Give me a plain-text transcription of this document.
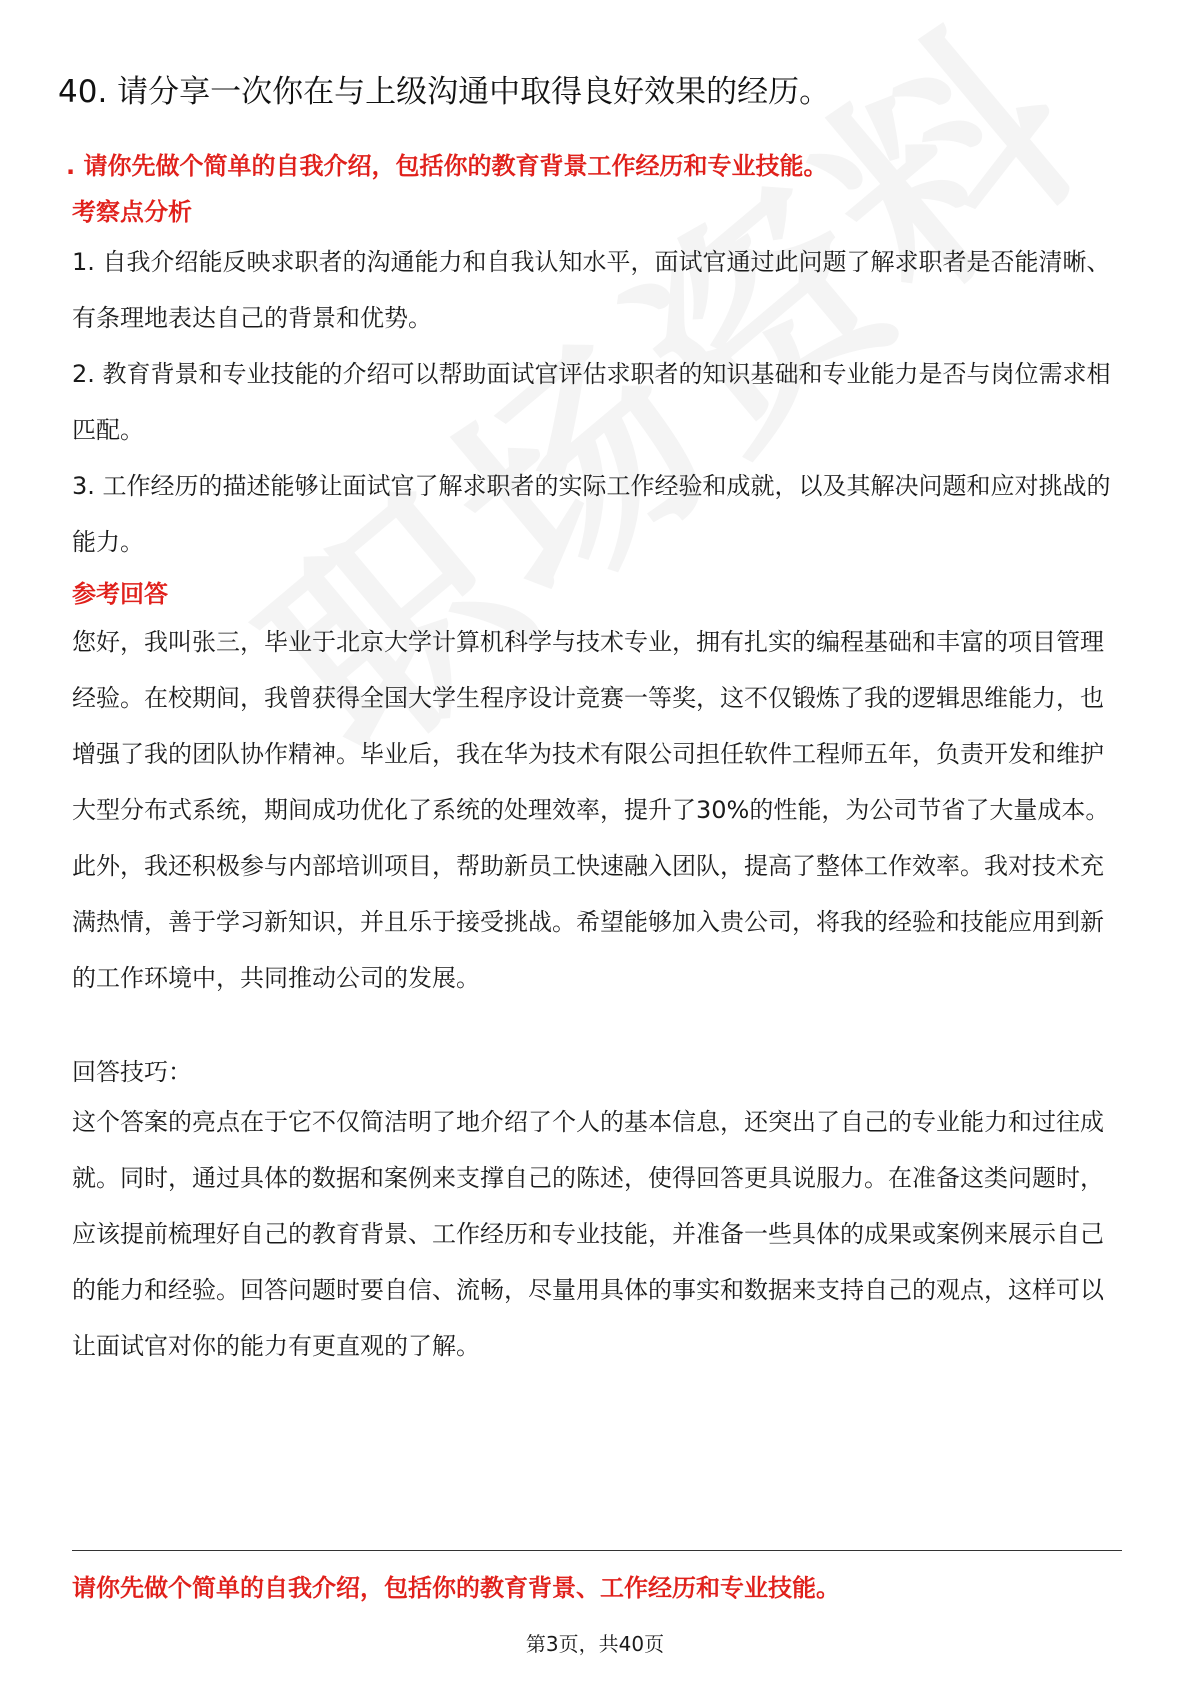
40. 请分享一次你在与上级沟通中取得良好效果的经历。
. 请你先做个简单的自我介绍，包括你的教育背景工作经历和专业技能。
考察点分析

1. 自我介绍能反映求职者的沟通能力和自我认知水平，面试官通过此问题了解求职者是否能清晰、有条理地表达自己的背景和优势。

2. 教育背景和专业技能的介绍可以帮助面试官评估求职者的知识基础和专业能力是否与岗位需求相匹配。

3. 工作经历的描述能够让面试官了解求职者的实际工作经验和成就，以及其解决问题和应对挑战的能力。

参考回答
您好，我叫张三，毕业于北京大学计算机科学与技术专业，拥有扎实的编程基础和丰富的项目管理经验。在校期间，我曾获得全国大学生程序设计竞赛一等奖，这不仅锻炼了我的逻辑思维能力，也增强了我的团队协作精神。毕业后，我在华为技术有限公司担任软件工程师五年，负责开发和维护大型分布式系统，期间成功优化了系统的处理效率，提升了30%的性能，为公司节省了大量成本。此外，我还积极参与内部培训项目，帮助新员工快速融入团队，提高了整体工作效率。我对技术充满热情，善于学习新知识，并且乐于接受挑战。希望能够加入贵公司，将我的经验和技能应用到新的工作环境中，共同推动公司的发展。
回答技巧：
这个答案的亮点在于它不仅简洁明了地介绍了个人的基本信息，还突出了自己的专业能力和过往成就。同时，通过具体的数据和案例来支撑自己的陈述，使得回答更具说服力。在准备这类问题时，应该提前梳理好自己的教育背景、工作经历和专业技能，并准备一些具体的成果或案例来展示自己的能力和经验。回答问题时要自信、流畅，尽量用具体的事实和数据来支持自己的观点，这样可以让面试官对你的能力有更直观的了解。
请你先做个简单的自我介绍，包括你的教育背景、工作经历和专业技能。
第3页，共40页
